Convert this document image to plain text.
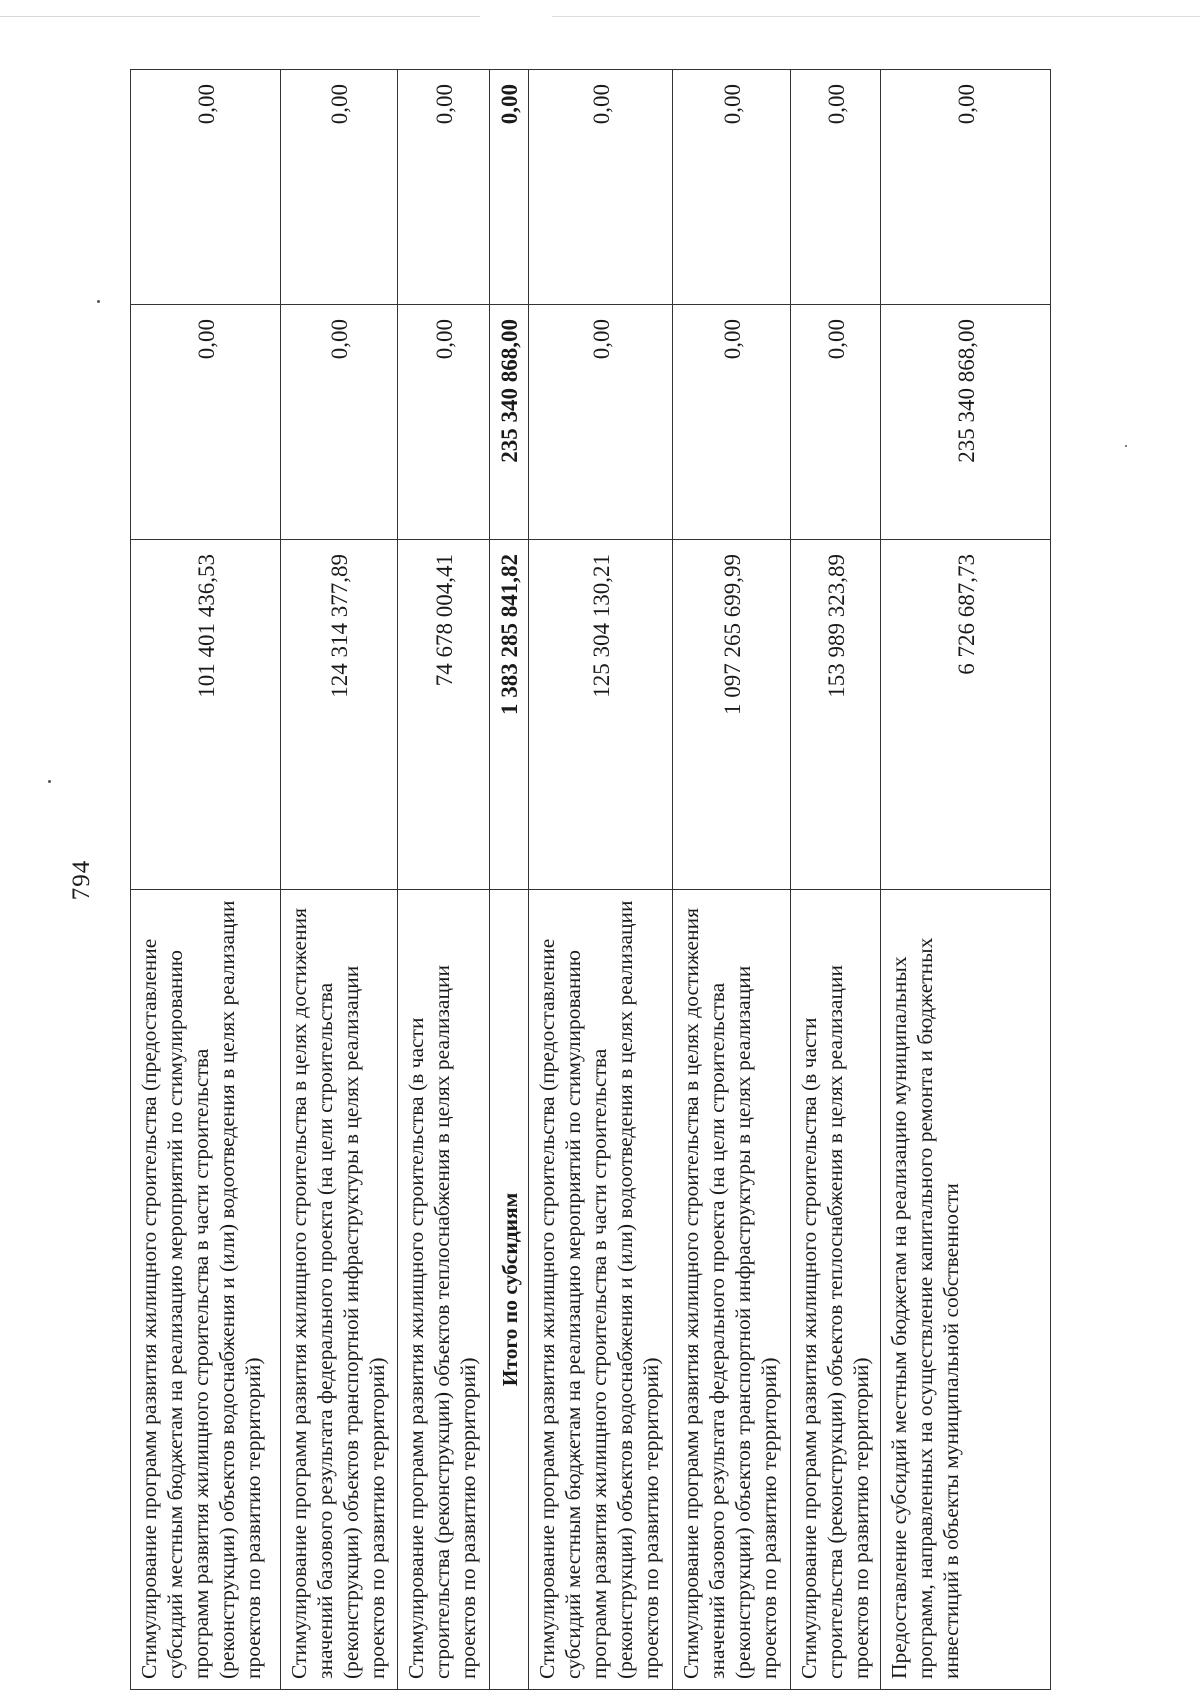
794
Стимулирование программ развития жилищного строительства (предоставление субсидий местным бюджетам на реализацию мероприятий по стимулированию программ развития жилищного строительства в части строительства (реконструкции) объектов водоснабжения и (или) водоотведения в целях реализации проектов по развитию территорий)	101 401 436,53	0,00	0,00
Стимулирование программ развития жилищного строительства в целях достижения значений базового результата федерального проекта (на цели строительства (реконструкции) объектов транспортной инфраструктуры в целях реализации проектов по развитию территорий)	124 314 377,89	0,00	0,00
Стимулирование программ развития жилищного строительства (в части строительства (реконструкции) объектов теплоснабжения в целях реализации проектов по развитию территорий)	74 678 004,41	0,00	0,00
Итого по субсидиям	1 383 285 841,82	235 340 868,00	0,00
Стимулирование программ развития жилищного строительства (предоставление субсидий местным бюджетам на реализацию мероприятий по стимулированию программ развития жилищного строительства в части строительства (реконструкции) объектов водоснабжения и (или) водоотведения в целях реализации проектов по развитию территорий)	125 304 130,21	0,00	0,00
Стимулирование программ развития жилищного строительства в целях достижения значений базового результата федерального проекта (на цели строительства (реконструкции) объектов транспортной инфраструктуры в целях реализации проектов по развитию территорий)	1 097 265 699,99	0,00	0,00
Стимулирование программ развития жилищного строительства (в части строительства (реконструкции) объектов теплоснабжения в целях реализации проектов по развитию территорий)	153 989 323,89	0,00	0,00
Предоставление субсидий местным бюджетам на реализацию муниципальных программ, направленных на осуществление капитального ремонта и бюджетных инвестиций в объекты муниципальной собственности	6 726 687,73	235 340 868,00	0,00
